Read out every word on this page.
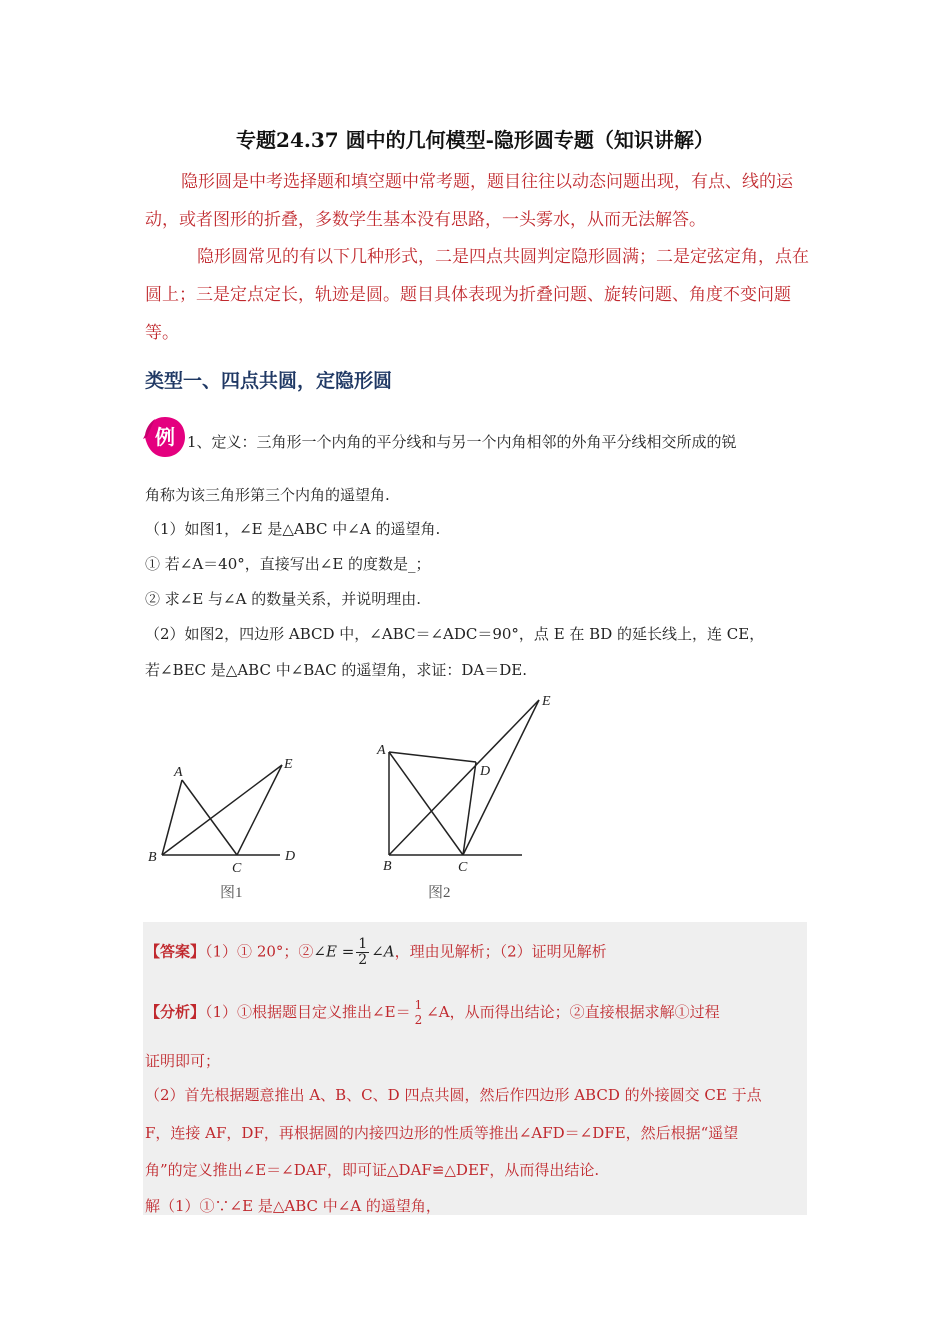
专题24.37 圆中的几何模型-隐形圆专题（知识讲解）
隐形圆是中考选择题和填空题中常考题，题目往往以动态问题出现，有点、线的运动，或者图形的折叠，多数学生基本没有思路，一头雾水，从而无法解答。
隐形圆常见的有以下几种形式，二是四点共圆判定隐形圆满；二是定弦定角，点在圆上；三是定点定长，轨迹是圆。题目具体表现为折叠问题、旋转问题、角度不变问题等。
类型一、四点共圆，定隐形圆
例 1、定义：三角形一个内角的平分线和与另一个内角相邻的外角平分线相交所成的锐
角称为该三角形第三个内角的遥望角.
（1）如图1，∠E 是△ABC 中∠A 的遥望角.
① 若∠A＝40°，直接写出∠E 的度数是_；
② 求∠E 与∠A 的数量关系，并说明理由.
（2）如图2，四边形 ABCD 中，∠ABC＝∠ADC＝90°，点 E 在 BD 的延长线上，连 CE，
若∠BEC 是△ABC 中∠BAC 的遥望角，求证：DA＝DE.
A
B
C
D
E
图1
A
B	C
D
E
图2
【答案】（1）① 20°；②∠E = $\frac{1}{2}$ ∠A，理由见解析；（2）证明见解析
【分析】（1）①根据题目定义推出∠E＝ 1
2 ∠A，从而得出结论；②直接根据求解①过程
证明即可；
（2）首先根据题意推出 A、B、C、D 四点共圆，然后作四边形 ABCD 的外接圆交 CE 于点
F，连接 AF，DF，再根据圆的内接四边形的性质等推出∠AFD＝∠DFE，然后根据“遥望
角”的定义推出∠E＝∠DAF，即可证△DAF≌△DEF，从而得出结论.
解（1）①∵∠E 是△ABC 中∠A 的遥望角，
